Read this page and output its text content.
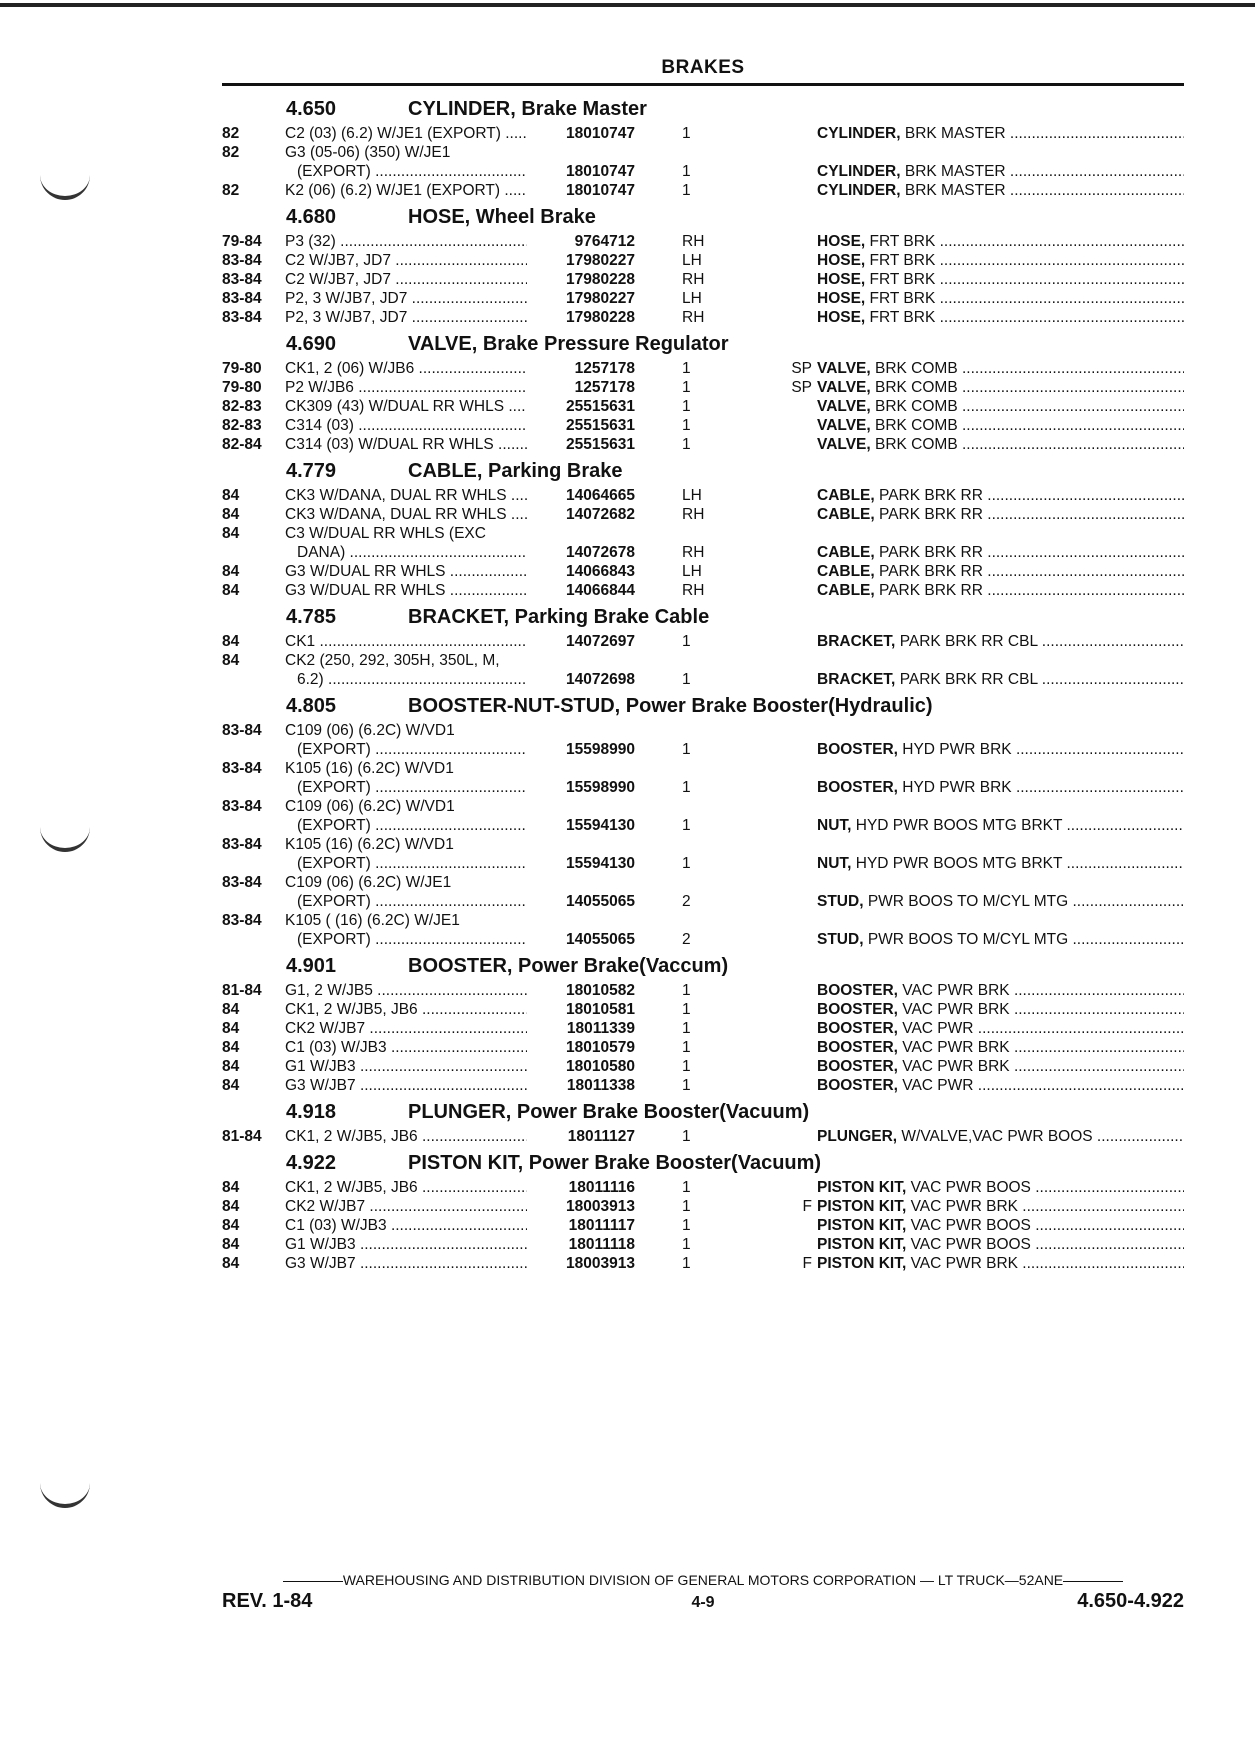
BRAKES
4.650	CYLINDER, Brake Master
82	C2 (03) (6.2) W/JE1 (EXPORT) .....	18010747	1	CYLINDER, BRK MASTER .....
82	G3 (05-06) (350) W/JE1
(EXPORT) .....	18010747	1	CYLINDER, BRK MASTER .....
82	K2 (06) (6.2) W/JE1 (EXPORT) .....	18010747	1	CYLINDER, BRK MASTER .....
4.680	HOSE, Wheel Brake
79-84 P3 (32) .....	9764712	RH	HOSE, FRT BRK .....
83-84 C2 W/JB7, JD7 .....	17980227	LH	HOSE, FRT BRK .....
83-84 C2 W/JB7, JD7 .....	17980228	RH	HOSE, FRT BRK .....
83-84 P2, 3 W/JB7, JD7 .....	17980227	LH	HOSE, FRT BRK .....
83-84 P2, 3 W/JB7, JD7 .....	17980228	RH	HOSE, FRT BRK .....
4.690	VALVE, Brake Pressure Regulator
79-80 CK1, 2 (06) W/JB6 .....	1257178	1	SP VALVE, BRK COMB .....
79-80 P2 W/JB6 .....	1257178	1	SP VALVE, BRK COMB .....
82-83 CK309 (43) W/DUAL RR WHLS .....	25515631	1	VALVE, BRK COMB .....
82-83 C314 (03) .....	25515631	1	VALVE, BRK COMB .....
82-84 C314 (03) W/DUAL RR WHLS .....	25515631	1	VALVE, BRK COMB .....
4.779	CABLE, Parking Brake
84	CK3 W/DANA, DUAL RR WHLS .....	14064665	LH	CABLE, PARK BRK RR .....
84	CK3 W/DANA, DUAL RR WHLS .....	14072682	RH	CABLE, PARK BRK RR .....
84	C3 W/DUAL RR WHLS (EXC
DANA) .....	14072678	RH	CABLE, PARK BRK RR .....
84	G3 W/DUAL RR WHLS .....	14066843	LH	CABLE, PARK BRK RR .....
84	G3 W/DUAL RR WHLS .....	14066844	RH	CABLE, PARK BRK RR .....
4.785	BRACKET, Parking Brake Cable
84	CK1 .....	14072697	1	BRACKET, PARK BRK RR CBL .....
84	CK2 (250, 292, 305H, 350L, M,
6.2) .....	14072698	1	BRACKET, PARK BRK RR CBL .....
4.805	BOOSTER-NUT-STUD, Power Brake Booster(Hydraulic)
83-84 C109 (06) (6.2C) W/VD1
(EXPORT) .....	15598990	1	BOOSTER, HYD PWR BRK .....
83-84 K105 (16) (6.2C) W/VD1
(EXPORT) .....	15598990	1	BOOSTER, HYD PWR BRK .....
83-84 C109 (06) (6.2C) W/VD1
(EXPORT) .....	15594130	1	NUT, HYD PWR BOOS MTG BRKT .....
83-84 K105 (16) (6.2C) W/VD1
(EXPORT) .....	15594130	1	NUT, HYD PWR BOOS MTG BRKT .....
83-84 C109 (06) (6.2C) W/JE1
(EXPORT) .....	14055065	2	STUD, PWR BOOS TO M/CYL MTG .....
83-84 K105 ( (16) (6.2C) W/JE1
(EXPORT) .....	14055065	2	STUD, PWR BOOS TO M/CYL MTG .....
4.901	BOOSTER, Power Brake(Vaccum)
81-84 G1, 2 W/JB5 .....	18010582	1	BOOSTER, VAC PWR BRK .....
84	CK1, 2 W/JB5, JB6 .....	18010581	1	BOOSTER, VAC PWR BRK .....
84	CK2 W/JB7 .....	18011339	1	BOOSTER, VAC PWR .....
84	C1 (03) W/JB3 .....	18010579	1	BOOSTER, VAC PWR BRK .....
84	G1 W/JB3 .....	18010580	1	BOOSTER, VAC PWR BRK .....
84	G3 W/JB7 .....	18011338	1	BOOSTER, VAC PWR .....
4.918	PLUNGER, Power Brake Booster(Vacuum)
81-84 CK1, 2 W/JB5, JB6 .....	18011127	1	PLUNGER, W/VALVE,VAC PWR BOOS .....
4.922	PISTON KIT, Power Brake Booster(Vacuum)
84	CK1, 2 W/JB5, JB6 .....	18011116	1	PISTON KIT, VAC PWR BOOS .....
84	CK2 W/JB7 .....	18003913	1	F PISTON KIT, VAC PWR BRK .....
84	C1 (03) W/JB3 .....	18011117	1	PISTON KIT, VAC PWR BOOS .....
84	G1 W/JB3 .....	18011118	1	PISTON KIT, VAC PWR BOOS .....
84	G3 W/JB7 .....	18003913	1	F PISTON KIT, VAC PWR BRK .....
WAREHOUSING AND DISTRIBUTION DIVISION OF GENERAL MOTORS CORPORATION — LT TRUCK—52ANE
REV. 1-84	4-9	4.650-4.922
